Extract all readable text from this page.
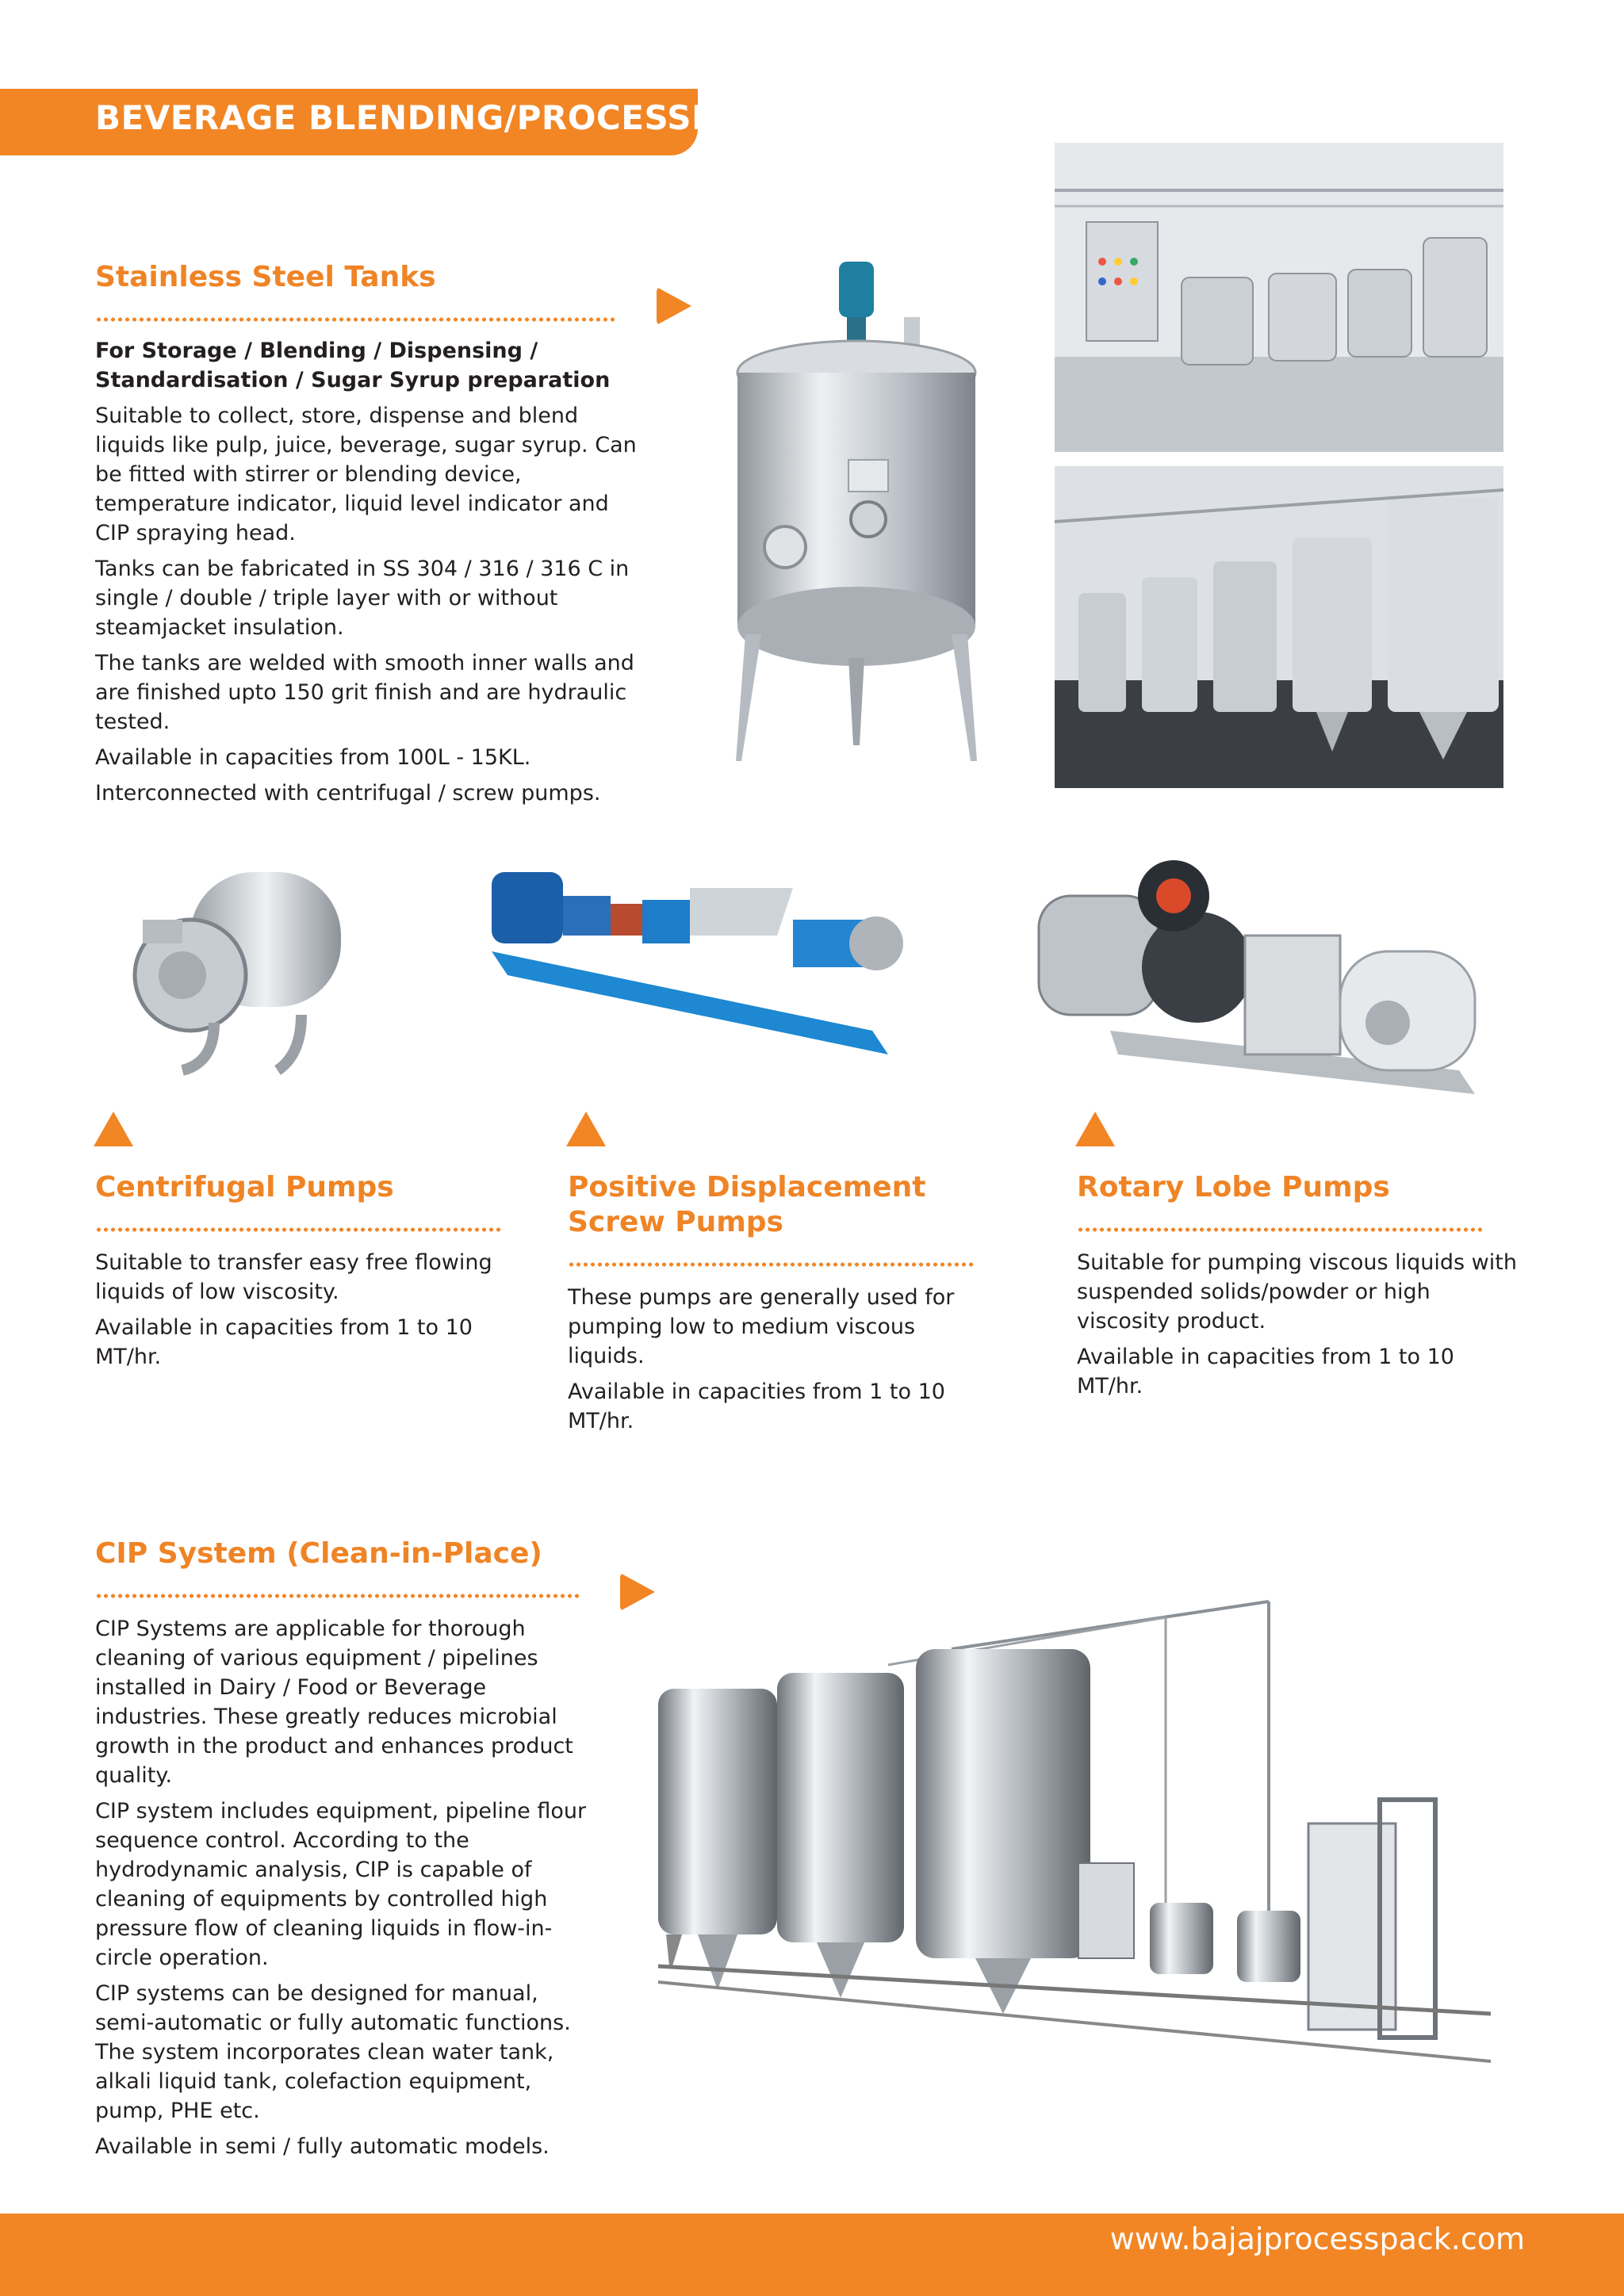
BEVERAGE BLENDING/PROCESSING
Stainless Steel Tanks

For Storage / Blending / Dispensing / Standardisation / Sugar Syrup preparation

Suitable to collect, store, dispense and blend liquids like pulp, juice, beverage, sugar syrup. Can be fitted with stirrer or blending device, temperature indicator, liquid level indicator and CIP spraying head.

Tanks can be fabricated in SS 304 / 316 / 316 C in single / double / triple layer with or without steamjacket insulation.

The tanks are welded with smooth inner walls and are finished upto 150 grit finish and are hydraulic tested.

Available in capacities from 100L - 15KL.

Interconnected with centrifugal / screw pumps.

Centrifugal Pumps

Suitable to transfer easy free flowing liquids of low viscosity.

Available in capacities from 1 to 10 MT/hr.

Positive Displacement Screw Pumps

These pumps are generally used for pumping low to medium viscous liquids.

Available in capacities from 1 to 10 MT/hr.

Rotary Lobe Pumps

Suitable for pumping viscous liquids with suspended solids/powder or high viscosity product.

Available in capacities from 1 to 10 MT/hr.

CIP System (Clean-in-Place)

CIP Systems are applicable for thorough cleaning of various equipment / pipelines installed in Dairy / Food or Beverage industries. These greatly reduces microbial growth in the product and enhances product quality.

CIP system includes equipment, pipeline flour sequence control. According to the hydrodynamic analysis, CIP is capable of cleaning of equipments by controlled high pressure flow of cleaning liquids in flow-in-circle operation.

CIP systems can be designed for manual, semi-automatic or fully automatic functions. The system incorporates clean water tank, alkali liquid tank, colefaction equipment, pump, PHE etc.

Available in semi / fully automatic models.

www.bajajprocesspack.com
